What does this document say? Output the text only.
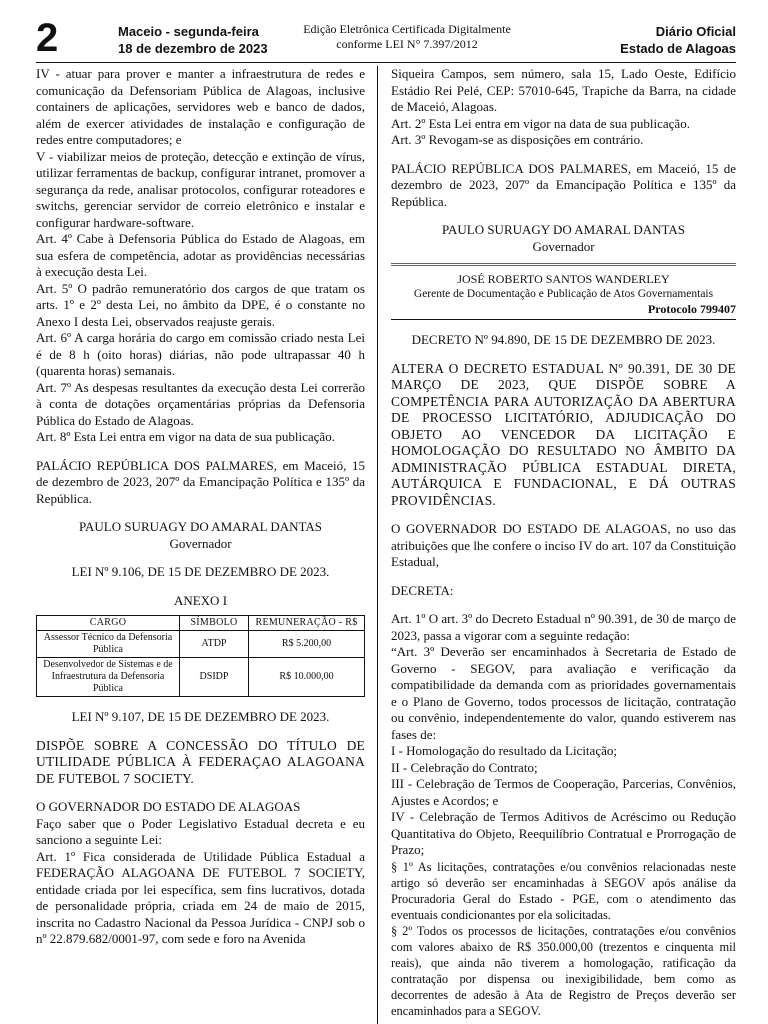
2	Maceio - segunda-feira
18 de dezembro de 2023
Edição Eletrônica Certificada Digitalmente
conforme LEI N° 7.397/2012
Diário Oficial
Estado de Alagoas

IV - atuar para prover e manter a infraestrutura de redes e comunicação da Defensoriam Pública de Alagoas, inclusive containers de aplicações, servidores web e banco de dados, além de exercer atividades de instalação e configuração de redes entre computadores; e

V - viabilizar meios de proteção, detecção e extinção de vírus, utilizar ferramentas de backup, configurar intranet, promover a segurança da rede, analisar protocolos, configurar roteadores e switchs, gerenciar servidor de correio eletrônico e instalar e configurar hardware-software.

Art. 4º Cabe à Defensoria Pública do Estado de Alagoas, em sua esfera de competência, adotar as providências necessárias à execução desta Lei.

Art. 5º O padrão remuneratório dos cargos de que tratam os arts. 1º e 2º desta Lei, no âmbito da DPE, é o constante no Anexo I desta Lei, observados reajuste gerais.

Art. 6º A carga horária do cargo em comissão criado nesta Lei é de 8 h (oito horas) diárias, não pode ultrapassar 40 h (quarenta horas) semanais.

Art. 7º As despesas resultantes da execução desta Lei correrão à conta de dotações orçamentárias próprias da Defensoria Pública do Estado de Alagoas.

Art. 8º Esta Lei entra em vigor na data de sua publicação.

PALÁCIO REPÚBLICA DOS PALMARES, em Maceió, 15 de dezembro de 2023, 207º da Emancipação Política e 135º da República.

PAULO SURUAGY DO AMARAL DANTAS
Governador

LEI Nº 9.106, DE 15 DE DEZEMBRO DE 2023.

ANEXO I

CARGO	SÍMBOLO	REMUNERAÇÃO - R$
Assessor Técnico da Defensoria Pública	ATDP	R$ 5.200,00
Desenvolvedor de Sistemas e de Infraestrutura da Defensoria Pública	DSIDP	R$ 10.000,00

LEI Nº 9.107, DE 15 DE DEZEMBRO DE 2023.

DISPÕE SOBRE A CONCESSÃO DO TÍTULO DE UTILIDADE PÚBLICA À FEDERAÇAO ALAGOANA DE FUTEBOL 7 SOCIETY.

O GOVERNADOR DO ESTADO DE ALAGOAS

Faço saber que o Poder Legislativo Estadual decreta e eu sanciono a seguinte Lei:

Art. 1º Fica considerada de Utilidade Pública Estadual a FEDERAÇÃO ALAGOANA DE FUTEBOL 7 SOCIETY, entidade criada por lei específica, sem fins lucrativos, dotada de personalidade própria, criada em 24 de maio de 2015, inscrita no Cadastro Nacional da Pessoa Jurídica - CNPJ sob o nº 22.879.682/0001-97, com sede e foro na Avenida

Siqueira Campos, sem número, sala 15, Lado Oeste, Edifício Estádio Rei Pelé, CEP: 57010-645, Trapiche da Barra, na cidade de Maceió, Alagoas.

Art. 2º Esta Lei entra em vigor na data de sua publicação.

Art. 3º Revogam-se as disposições em contrário.

PALÁCIO REPÚBLICA DOS PALMARES, em Maceió, 15 de dezembro de 2023, 207º da Emancipação Política e 135º da República.

PAULO SURUAGY DO AMARAL DANTAS
Governador
JOSÉ ROBERTO SANTOS WANDERLEY
Gerente de Documentação e Publicação de Atos Governamentais
Protocolo 799407

DECRETO Nº 94.890, DE 15 DE DEZEMBRO DE 2023.

ALTERA O DECRETO ESTADUAL Nº 90.391, DE 30 DE MARÇO DE 2023, QUE DISPÕE SOBRE A COMPETÊNCIA PARA AUTORIZAÇÃO DA ABERTURA DE PROCESSO LICITATÓRIO, ADJUDICAÇÃO DO OBJETO AO VENCEDOR DA LICITAÇÃO E HOMOLOGAÇÃO DO RESULTADO NO ÂMBITO DA ADMINISTRAÇÃO PÚBLICA ESTADUAL DIRETA, AUTÁRQUICA E FUNDACIONAL, E DÁ OUTRAS PROVIDÊNCIAS.

O GOVERNADOR DO ESTADO DE ALAGOAS, no uso das atribuições que lhe confere o inciso IV do art. 107 da Constituição Estadual,

DECRETA:

Art. 1º O art. 3º do Decreto Estadual nº 90.391, de 30 de março de 2023, passa a vigorar com a seguinte redação:

“Art. 3º Deverão ser encaminhados à Secretaria de Estado de Governo - SEGOV, para avaliação e verificação da compatibilidade da demanda com as prioridades governamentais e o Plano de Governo, todos processos de licitação, contratação ou convênio, independentemente do valor, quando estiverem nas fases de:

I - Homologação do resultado da Licitação;

II - Celebração do Contrato;

III - Celebração de Termos de Cooperação, Parcerias, Convênios, Ajustes e Acordos; e

IV - Celebração de Termos Aditivos de Acréscimo ou Redução Quantitativa do Objeto, Reequilíbrio Contratual e Prorrogação de Prazo;

§ 1º As licitações, contratações e/ou convênios relacionadas neste artigo só deverão ser encaminhadas à SEGOV após análise da Procuradoria Geral do Estado - PGE, com o atendimento das eventuais condicionantes por ela solicitadas.

§ 2º Todos os processos de licitações, contratações e/ou convênios com valores abaixo de R$ 350.000,00 (trezentos e cinquenta mil reais), que ainda não tiverem a homologação, ratificação da contratação por dispensa ou inexigibilidade, bem como as decorrentes de adesão à Ata de Registro de Preços deverão ser encaminhados para a SEGOV.
